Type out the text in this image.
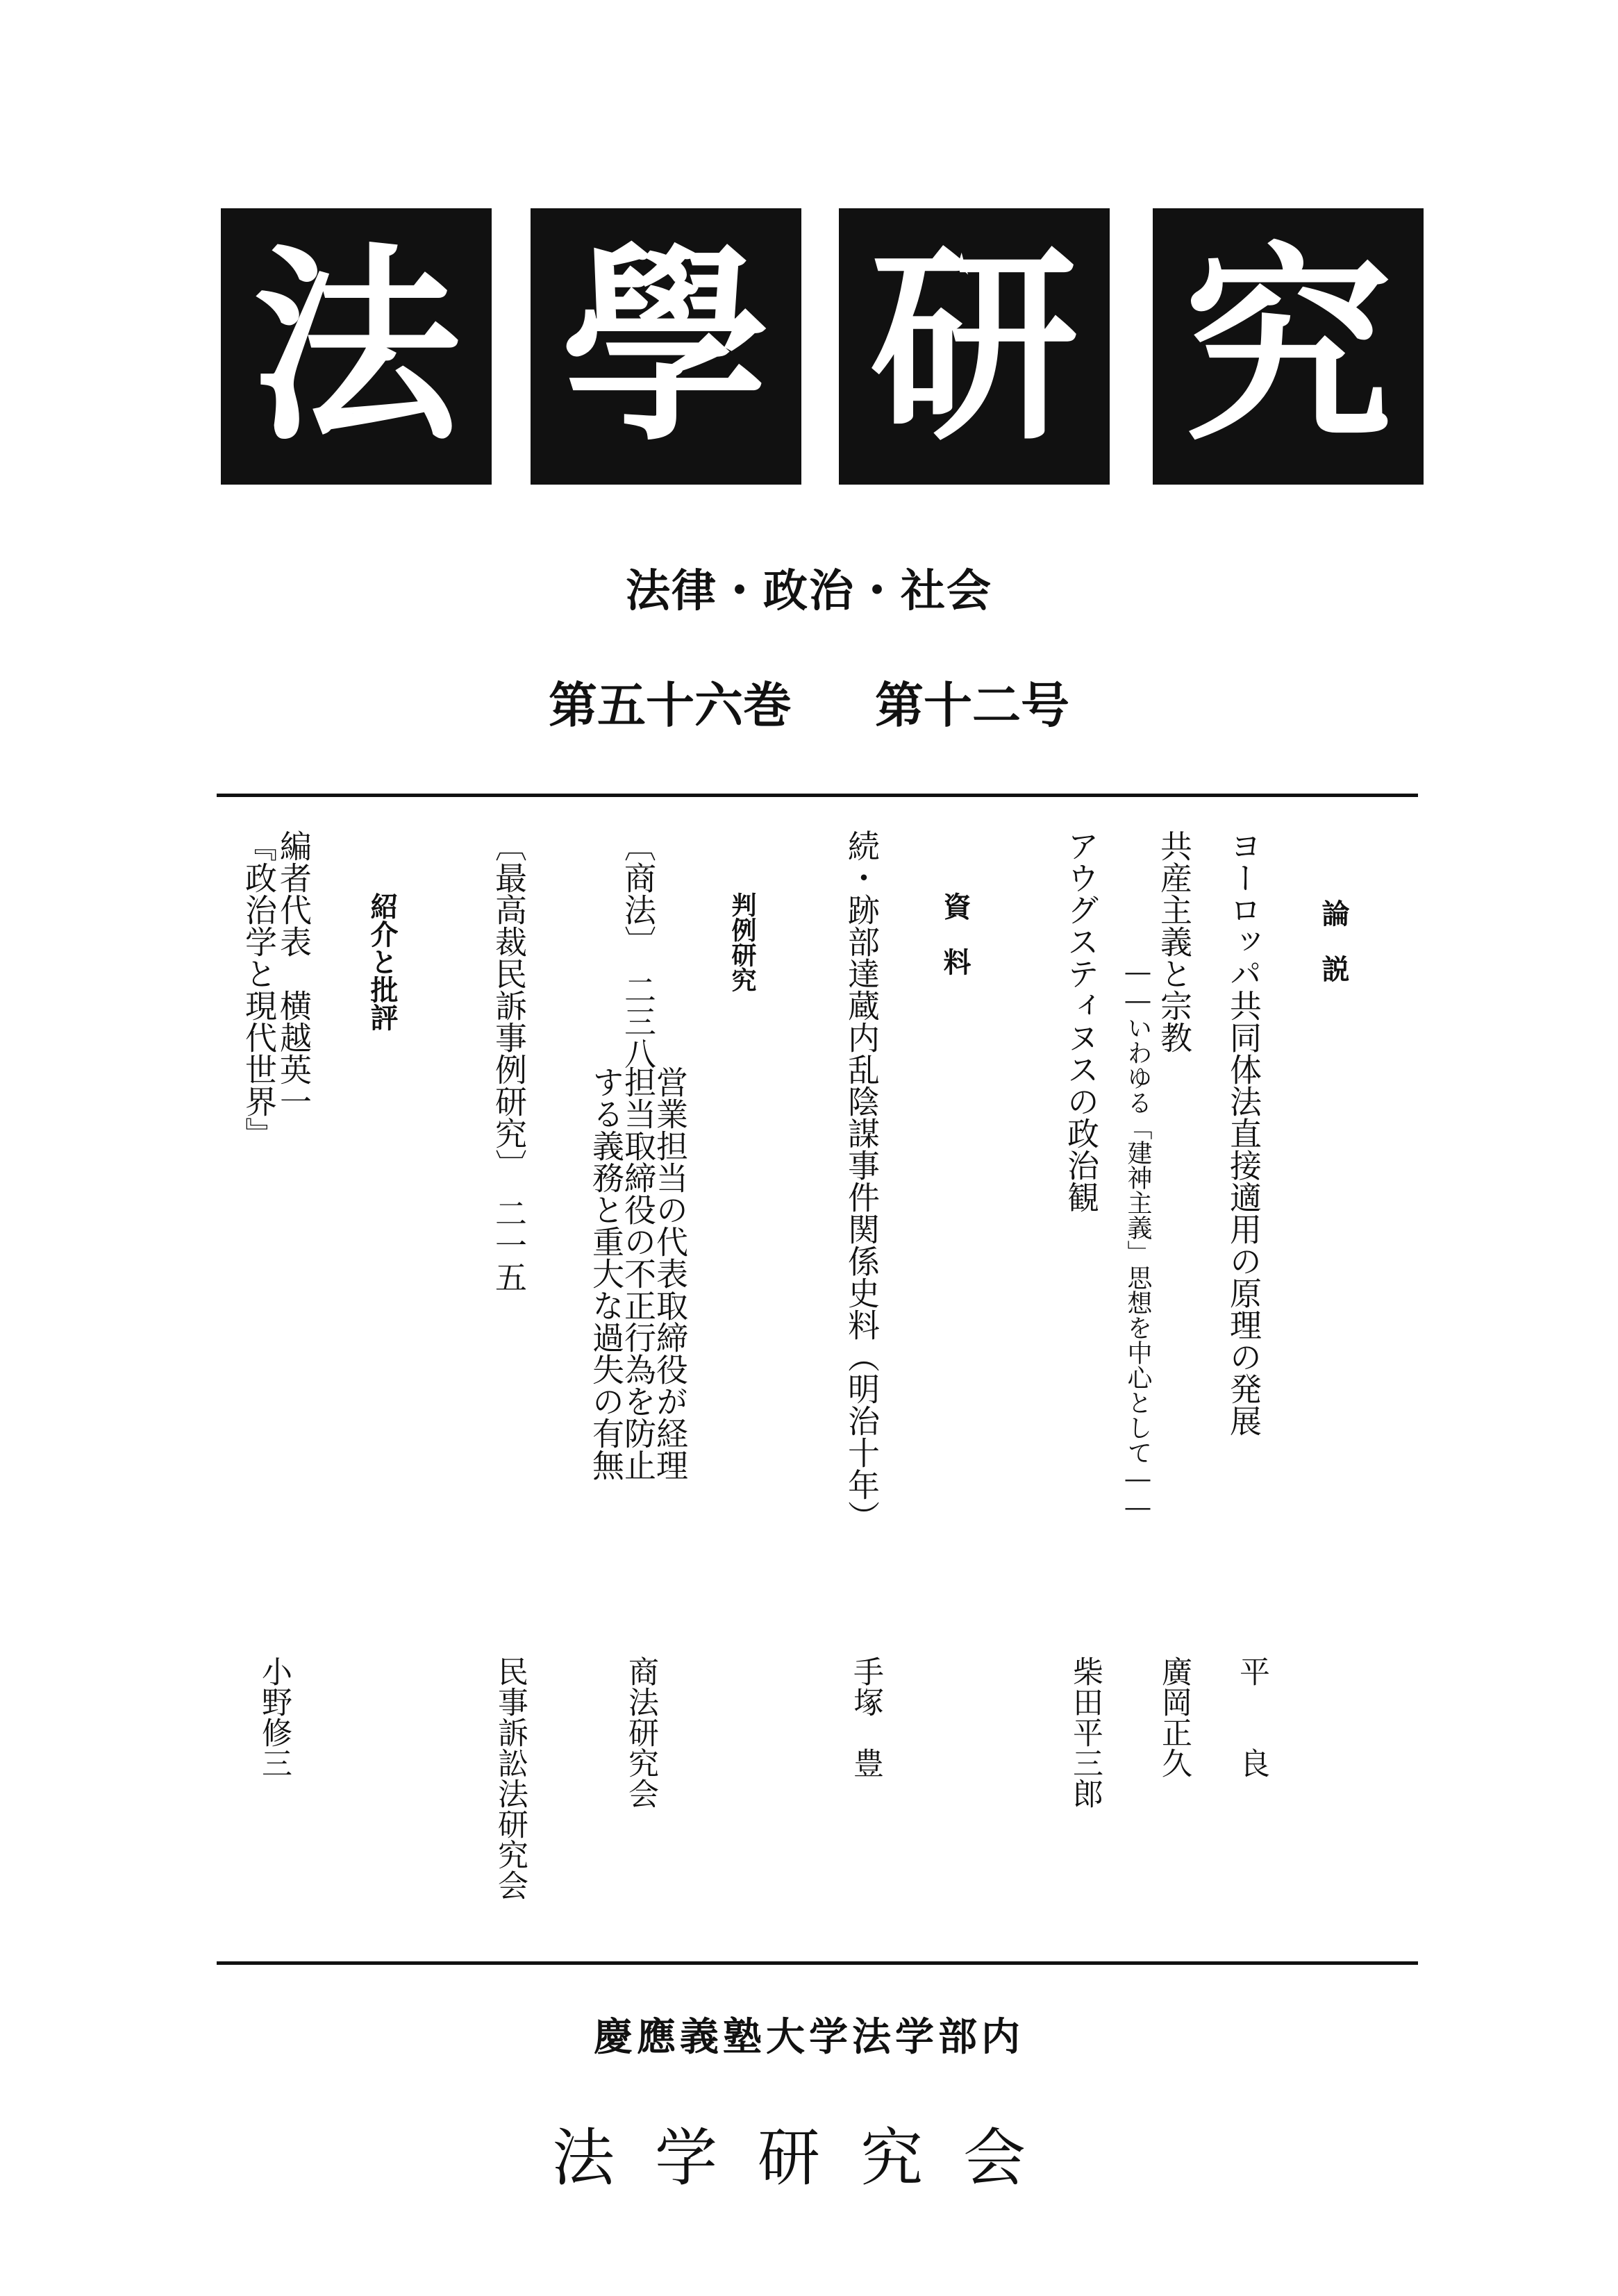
法 學 研 究
法律・政治・社会
第五十六巻 第十二号
論　説
ヨーロッパ共同体法直接適用の原理の発展
共産主義と宗教
――いわゆる「建神主義」思想を中心として――
アウグスティヌスの政治観
資　料
続・跡部達蔵内乱陰謀事件関係史料（明治十年）
判例研究
〔商法〕　二三八
営業担当の代表取締役が経理
担当取締役の不正行為を防止
する義務と重大な過失の有無
〔最高裁民訴事例研究〕　二一五
紹介と批評
編者代表　横越英一
『政治学と現代世界』
平　　良
廣岡正久
柴田平三郎
手塚　豊
商法研究会
民事訴訟法研究会
小野修三
慶應義塾大学法学部内
法学研究会
